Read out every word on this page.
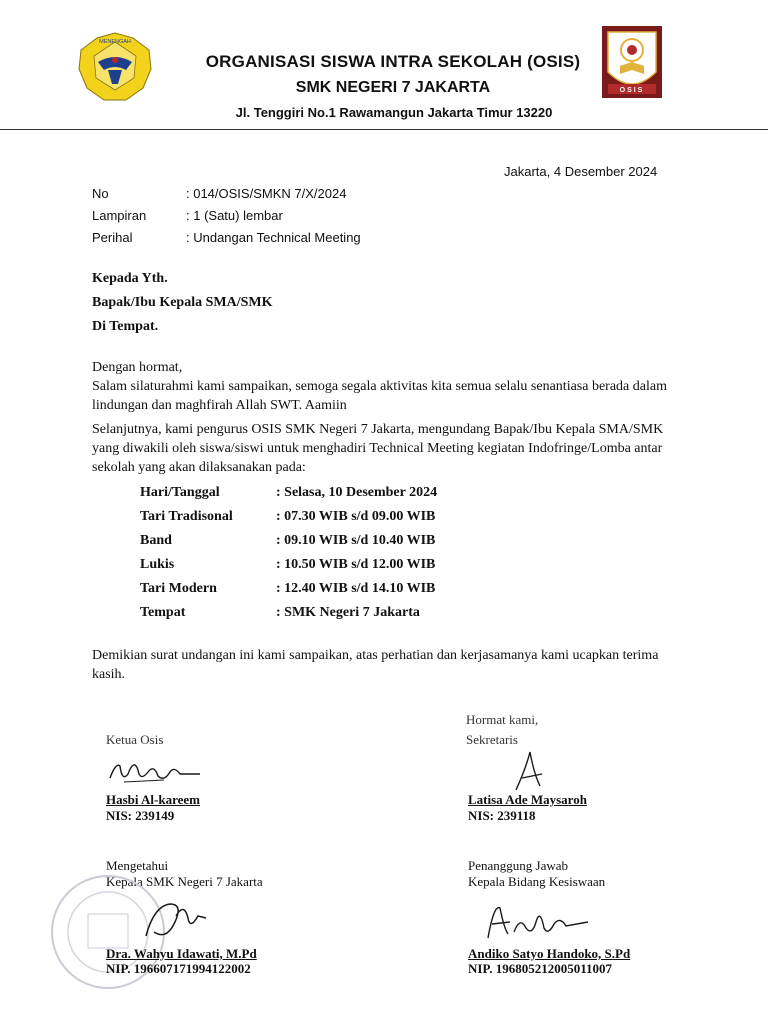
MENENGAH
OSIS
ORGANISASI SISWA INTRA SEKOLAH (OSIS)
SMK NEGERI 7 JAKARTA
Jl. Tenggiri No.1 Rawamangun Jakarta Timur 13220
Jakarta, 4 Desember 2024
No	: 014/OSIS/SMKN 7/X/2024
Lampiran	: 1 (Satu) lembar
Perihal	: Undangan Technical Meeting
Kepada Yth.
Bapak/Ibu Kepala SMA/SMK
Di Tempat.
Dengan hormat,
Salam silaturahmi kami sampaikan, semoga segala aktivitas kita semua selalu senantiasa berada dalam lindungan dan maghfirah Allah SWT. Aamiin
Selanjutnya, kami pengurus OSIS SMK Negeri 7 Jakarta, mengundang Bapak/Ibu Kepala SMA/SMK yang diwakili oleh siswa/siswi untuk menghadiri Technical Meeting kegiatan Indofringe/Lomba antar sekolah yang akan dilaksanakan pada:
Hari/Tanggal	: Selasa, 10 Desember 2024
Tari Tradisonal	: 07.30 WIB s/d 09.00 WIB
Band	: 09.10 WIB s/d 10.40 WIB
Lukis	: 10.50 WIB s/d 12.00 WIB
Tari Modern	: 12.40 WIB s/d 14.10 WIB
Tempat	: SMK Negeri 7 Jakarta
Demikian surat undangan ini kami sampaikan, atas perhatian dan kerjasamanya kami ucapkan terima kasih.
Hormat kami,
Ketua Osis	Sekretaris
Hasbi Al-kareem
NIS: 239149
Latisa Ade Maysaroh
NIS: 239118
Mengetahui
Kepala SMK Negeri 7 Jakarta
Penanggung Jawab
Kepala Bidang Kesiswaan
Dra. Wahyu Idawati, M.Pd
NIP. 196607171994122002
Andiko Satyo Handoko, S.Pd
NIP. 196805212005011007
